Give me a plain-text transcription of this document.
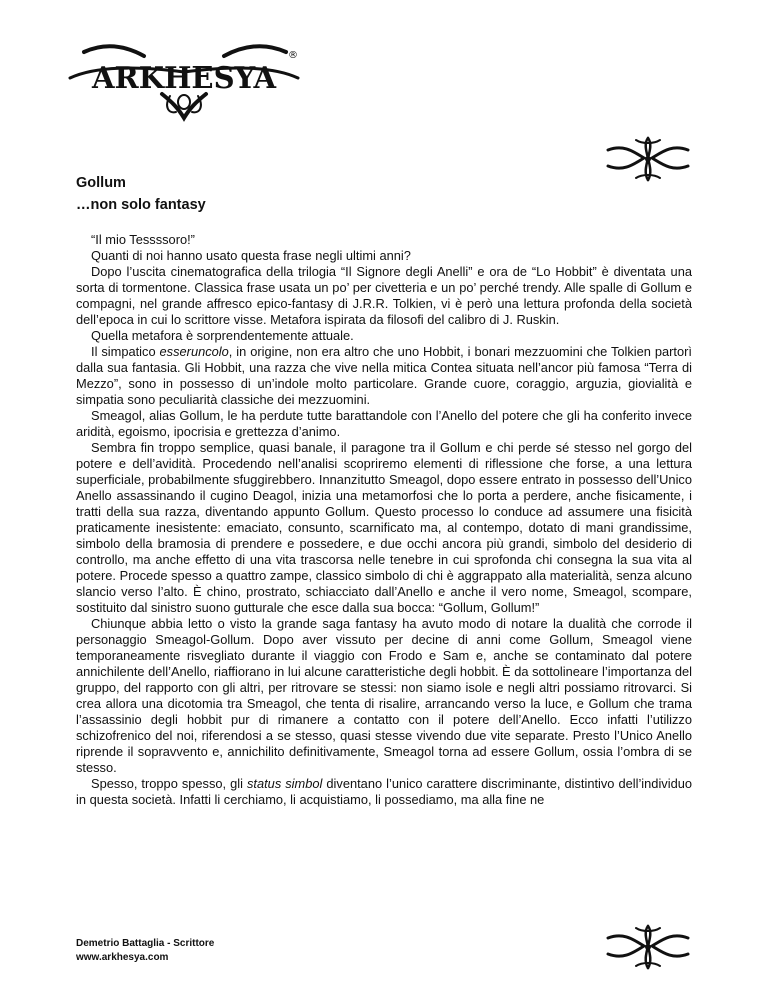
ARKHESYA
®
Gollum
…non solo fantasy

“Il mio Tessssoro!”

Quanti di noi hanno usato questa frase negli ultimi anni?

Dopo l’uscita cinematografica della trilogia “Il Signore degli Anelli” e ora de “Lo Hobbit” è diventata una sorta di tormentone. Classica frase usata un po’ per civetteria e un po’ perché trendy. Alle spalle di Gollum e compagni, nel grande affresco epico-fantasy di J.R.R. Tolkien, vi è però una lettura profonda della società dell’epoca in cui lo scrittore visse. Metafora ispirata da filosofi del calibro di J. Ruskin.

Quella metafora è sorprendentemente attuale.

Il simpatico esseruncolo, in origine, non era altro che uno Hobbit, i bonari mezzuomini che Tolkien partorì dalla sua fantasia. Gli Hobbit, una razza che vive nella mitica Contea situata nell’ancor più famosa “Terra di Mezzo”, sono in possesso di un’indole molto particolare. Grande cuore, coraggio, arguzia, giovialità e simpatia sono peculiarità classiche dei mezzuomini.

Smeagol, alias Gollum, le ha perdute tutte barattandole con l’Anello del potere che gli ha conferito invece aridità, egoismo, ipocrisia e grettezza d’animo.

Sembra fin troppo semplice, quasi banale, il paragone tra il Gollum e chi perde sé stesso nel gorgo del potere e dell’avidità. Procedendo nell’analisi scopriremo elementi di riflessione che forse, a una lettura superficiale, probabilmente sfuggirebbero. Innanzitutto Smeagol, dopo essere entrato in possesso dell’Unico Anello assassinando il cugino Deagol, inizia una metamorfosi che lo porta a perdere, anche fisicamente, i tratti della sua razza, diventando appunto Gollum. Questo processo lo conduce ad assumere una fisicità praticamente inesistente: emaciato, consunto, scarnificato ma, al contempo, dotato di mani grandissime, simbolo della bramosia di prendere e possedere, e due occhi ancora più grandi, simbolo del desiderio di controllo, ma anche effetto di una vita trascorsa nelle tenebre in cui sprofonda chi consegna la sua vita al potere. Procede spesso a quattro zampe, classico simbolo di chi è aggrappato alla materialità, senza alcuno slancio verso l’alto. È chino, prostrato, schiacciato dall’Anello e anche il vero nome, Smeagol, scompare, sostituito dal sinistro suono gutturale che esce dalla sua bocca: “Gollum, Gollum!”

Chiunque abbia letto o visto la grande saga fantasy ha avuto modo di notare la dualità che corrode il personaggio Smeagol-Gollum. Dopo aver vissuto per decine di anni come Gollum, Smeagol viene temporaneamente risvegliato durante il viaggio con Frodo e Sam e, anche se contaminato dal potere annichilente dell’Anello, riaffiorano in lui alcune caratteristiche degli hobbit. È da sottolineare l’importanza del gruppo, del rapporto con gli altri, per ritrovare se stessi: non siamo isole e negli altri possiamo ritrovarci. Si crea allora una dicotomia tra Smeagol, che tenta di risalire, arrancando verso la luce, e Gollum che trama l’assassinio degli hobbit pur di rimanere a contatto con il potere dell’Anello. Ecco infatti l’utilizzo schizofrenico del noi, riferendosi a se stesso, quasi stesse vivendo due vite separate. Presto l’Unico Anello riprende il sopravvento e, annichilito definitivamente, Smeagol torna ad essere Gollum, ossia l’ombra di se stesso.

Spesso, troppo spesso, gli status simbol diventano l’unico carattere discriminante, distintivo dell’individuo in questa società. Infatti li cerchiamo, li acquistiamo, li possediamo, ma alla fine ne

Demetrio Battaglia - Scrittore
www.arkhesya.com
